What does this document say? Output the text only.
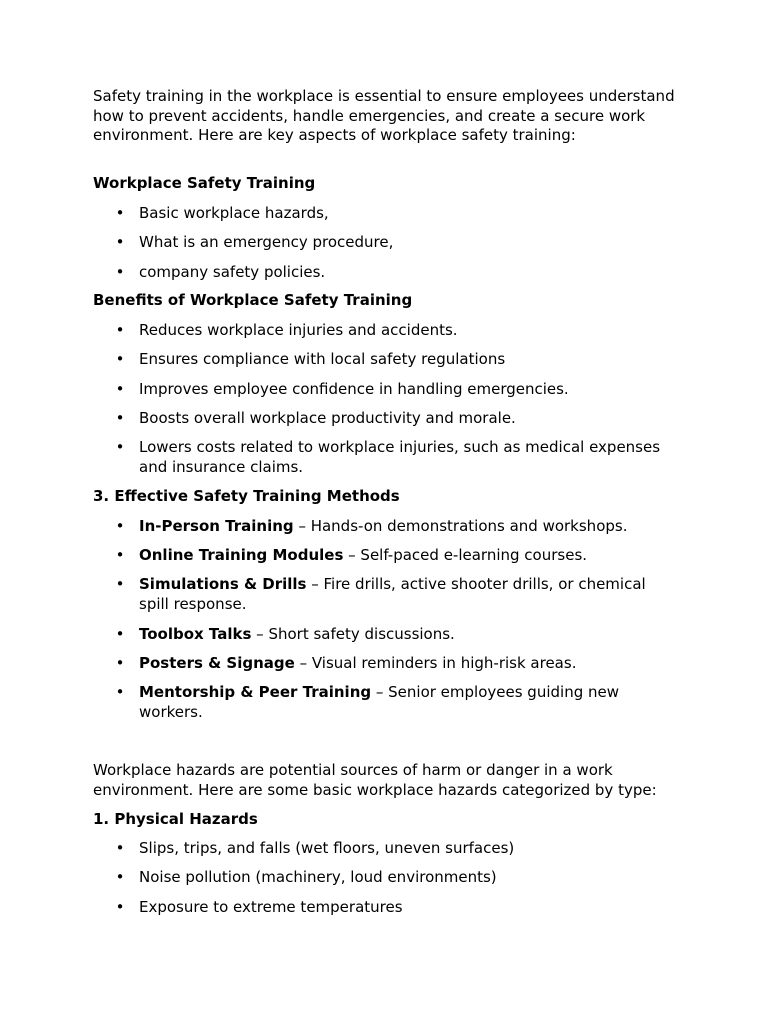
Safety training in the workplace is essential to ensure employees understand how to prevent accidents, handle emergencies, and create a secure work environment. Here are key aspects of workplace safety training:

Workplace Safety Training

• Basic workplace hazards,
• What is an emergency procedure,
• company safety policies.

Benefits of Workplace Safety Training

• Reduces workplace injuries and accidents.
• Ensures compliance with local safety regulations
• Improves employee confidence in handling emergencies.
• Boosts overall workplace productivity and morale.
• Lowers costs related to workplace injuries, such as medical expenses and insurance claims.

3. Effective Safety Training Methods

• In-Person Training – Hands-on demonstrations and workshops.
• Online Training Modules – Self-paced e-learning courses.
• Simulations & Drills – Fire drills, active shooter drills, or chemical spill response.
• Toolbox Talks – Short safety discussions.
• Posters & Signage – Visual reminders in high-risk areas.
• Mentorship & Peer Training – Senior employees guiding new workers.

Workplace hazards are potential sources of harm or danger in a work environment. Here are some basic workplace hazards categorized by type:

1. Physical Hazards

• Slips, trips, and falls (wet floors, uneven surfaces)
• Noise pollution (machinery, loud environments)
• Exposure to extreme temperatures
